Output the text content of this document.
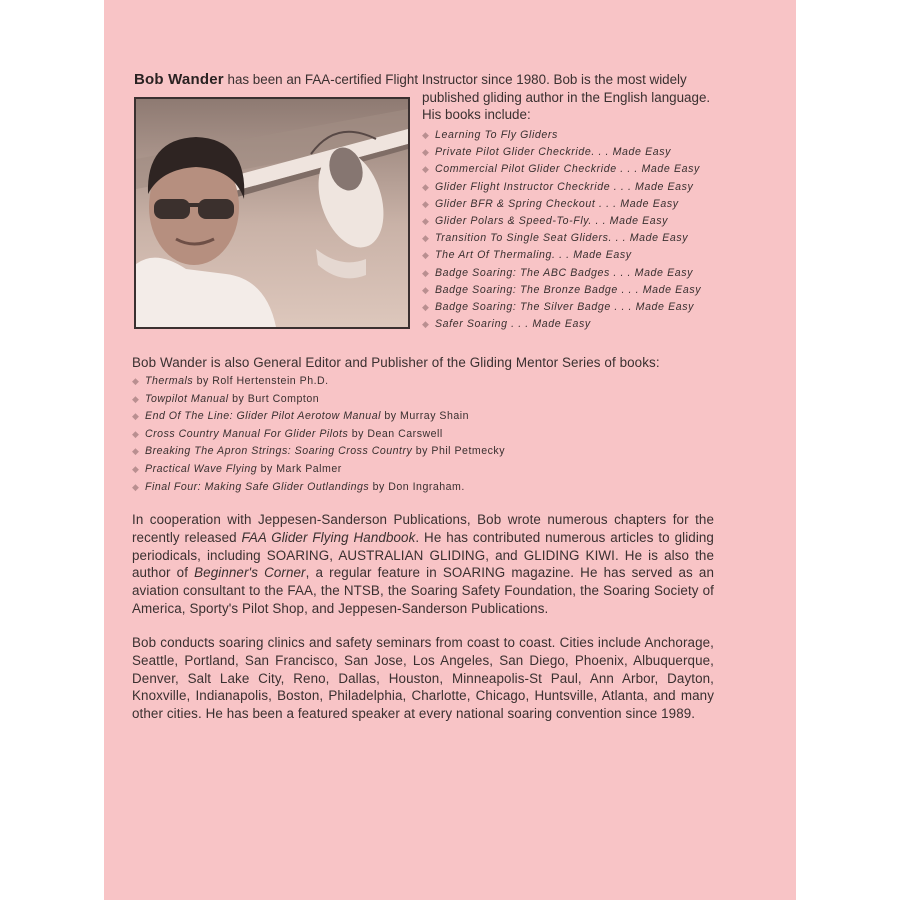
Bob Wander has been an FAA-certified Flight Instructor since 1980. Bob is the most widely
published gliding author in the English language.
His books include:
◆ Learning To Fly Gliders
◆ Private Pilot Glider Checkride. . . Made Easy
◆ Commercial Pilot Glider Checkride . . . Made Easy
◆ Glider Flight Instructor Checkride . . . Made Easy
◆ Glider BFR & Spring Checkout . . . Made Easy
◆ Glider Polars & Speed-To-Fly. . . Made Easy
◆ Transition To Single Seat Gliders. . . Made Easy
◆ The Art Of Thermaling. . . Made Easy
◆ Badge Soaring: The ABC Badges . . . Made Easy
◆ Badge Soaring: The Bronze Badge . . . Made Easy
◆ Badge Soaring: The Silver Badge . . . Made Easy
◆ Safer Soaring . . . Made Easy
Bob Wander is also General Editor and Publisher of the Gliding Mentor Series of books:
◆ Thermals by Rolf Hertenstein Ph.D.
◆ Towpilot Manual by Burt Compton
◆ End Of The Line: Glider Pilot Aerotow Manual by Murray Shain
◆ Cross Country Manual For Glider Pilots by Dean Carswell
◆ Breaking The Apron Strings: Soaring Cross Country by Phil Petmecky
◆ Practical Wave Flying by Mark Palmer
◆ Final Four: Making Safe Glider Outlandings by Don Ingraham.
In cooperation with Jeppesen-Sanderson Publications, Bob wrote numerous chapters for the recently released FAA Glider Flying Handbook. He has contributed numerous articles to gliding periodicals, including SOARING, AUSTRALIAN GLIDING, and GLIDING KIWI. He is also the author of Beginner's Corner, a regular feature in SOARING magazine. He has served as an aviation consultant to the FAA, the NTSB, the Soaring Safety Foundation, the Soaring Society of America, Sporty's Pilot Shop, and Jeppesen-Sanderson Publications.
Bob conducts soaring clinics and safety seminars from coast to coast. Cities include Anchorage, Seattle, Portland, San Francisco, San Jose, Los Angeles, San Diego, Phoenix, Albuquerque, Denver, Salt Lake City, Reno, Dallas, Houston, Minneapolis-St Paul, Ann Arbor, Dayton, Knoxville, Indianapolis, Boston, Philadelphia, Charlotte, Chicago, Huntsville, Atlanta, and many other cities. He has been a featured speaker at every national soaring convention since 1989.
